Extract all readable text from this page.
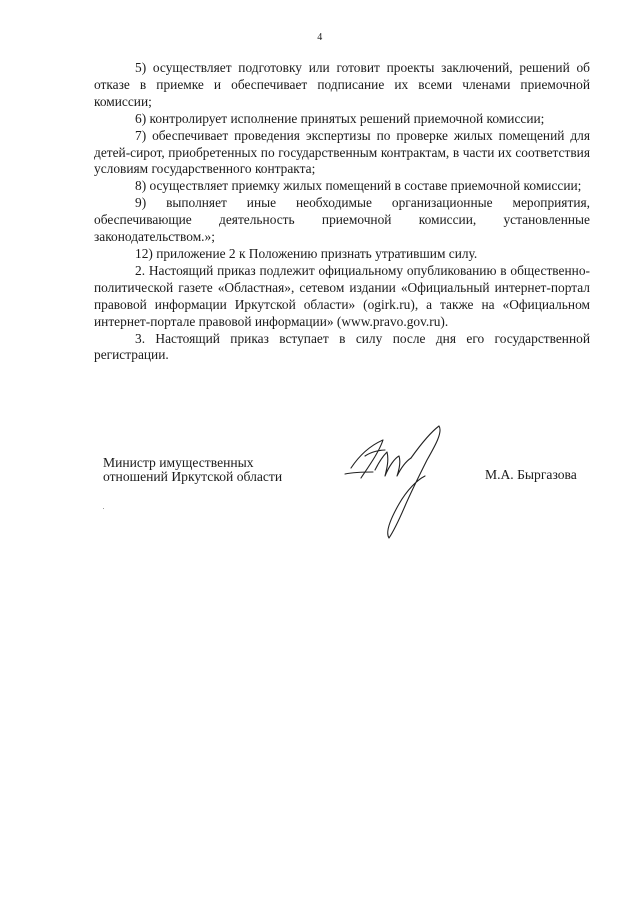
4

5) осуществляет подготовку или готовит проекты заключений, решений об отказе в приемке и обеспечивает подписание их всеми членами приемочной комиссии;

6) контролирует исполнение принятых решений приемочной комиссии;

7) обеспечивает проведения экспертизы по проверке жилых помещений для детей-сирот, приобретенных по государственным контрактам, в части их соответствия условиям государственного контракта;

8) осуществляет приемку жилых помещений в составе приемочной комиссии;

9) выполняет иные необходимые организационные мероприятия, обеспечивающие деятельность приемочной комиссии, установленные законодательством.»;

12) приложение 2 к Положению признать утратившим силу.

2. Настоящий приказ подлежит официальному опубликованию в общественно-политической газете «Областная», сетевом издании «Официальный интернет-портал правовой информации Иркутской области» (ogirk.ru), а также на «Официальном интернет-портале правовой информации» (www.pravo.gov.ru).

3. Настоящий приказ вступает в силу после дня его государственной регистрации.

Министр имущественных
отношений Иркутской области	М.А. Быргазова
